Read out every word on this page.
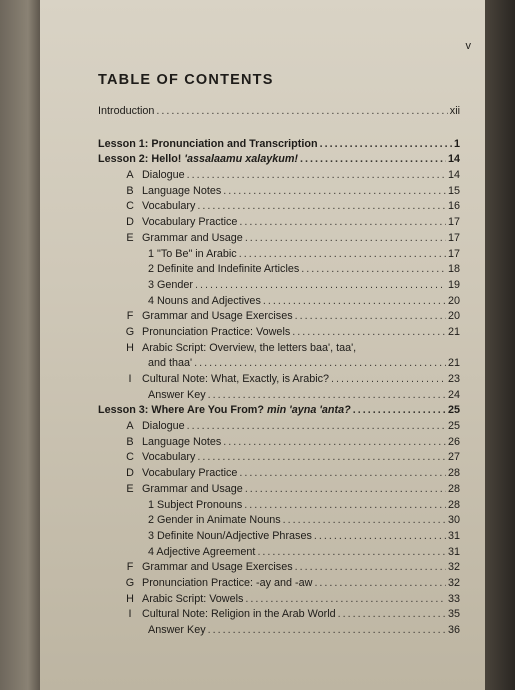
v
TABLE OF CONTENTS
Introduction .....	xii
Lesson 1: Pronunciation and Transcription .....	1
Lesson 2: Hello! 'assalaamu xalaykum! .....	14
A Dialogue .....	14
B Language Notes .....	15
C Vocabulary .....	16
D Vocabulary Practice .....	17
E Grammar and Usage .....	17
1 "To Be" in Arabic .....	17
2 Definite and Indefinite Articles .....	18
3 Gender .....	19
4 Nouns and Adjectives .....	20
F Grammar and Usage Exercises .....	20
G Pronunciation Practice: Vowels .....	21
H Arabic Script: Overview, the letters baa', taa',
and thaa' .....	21
I Cultural Note: What, Exactly, is Arabic? .....	23
Answer Key .....	24
Lesson 3: Where Are You From? min 'ayna 'anta? .....	25
A Dialogue .....	25
B Language Notes .....	26
C Vocabulary .....	27
D Vocabulary Practice .....	28
E Grammar and Usage .....	28
1 Subject Pronouns .....	28
2 Gender in Animate Nouns .....	30
3 Definite Noun/Adjective Phrases .....	31
4 Adjective Agreement .....	31
F Grammar and Usage Exercises .....	32
G Pronunciation Practice: -ay and -aw .....	32
H Arabic Script: Vowels .....	33
I Cultural Note: Religion in the Arab World .....	35
Answer Key .....	36
